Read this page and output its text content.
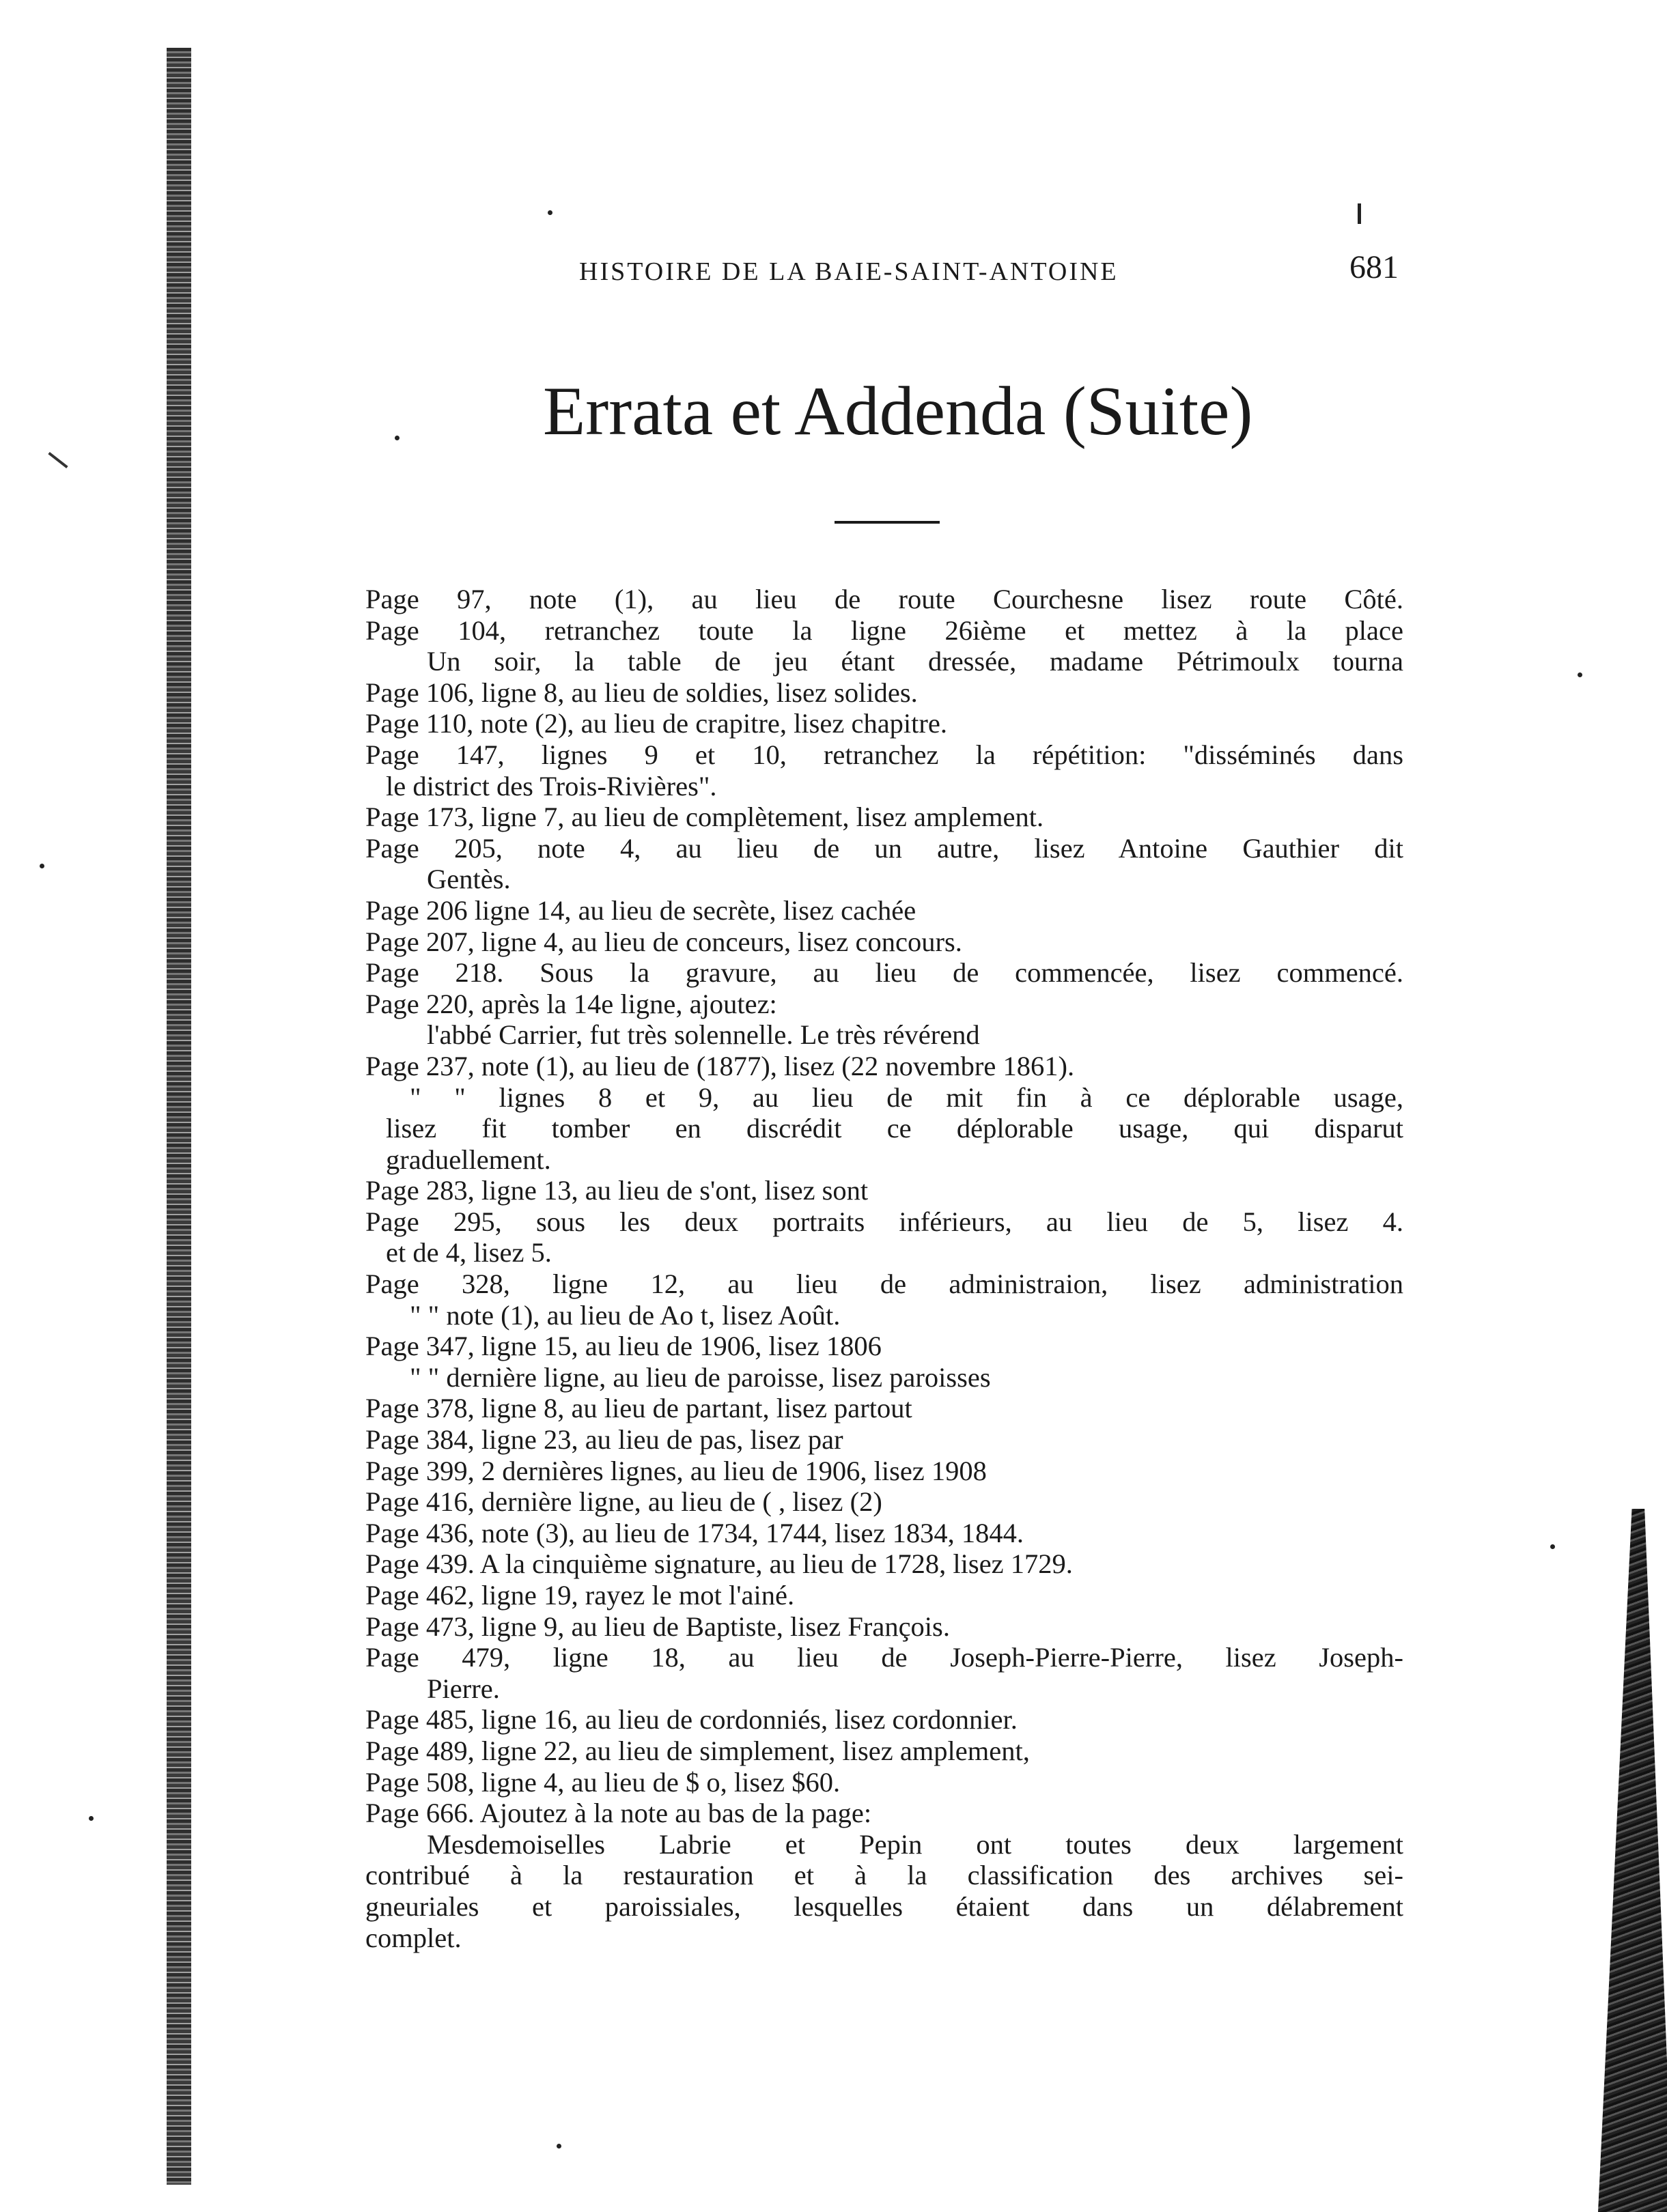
HISTOIRE DE LA BAIE-SAINT-ANTOINE	681
Errata et Addenda (Suite)
Page 97, note (1), au lieu de route Courchesne lisez route Côté.
Page 104, retranchez toute la ligne 26ième et mettez à la place
Un soir, la table de jeu étant dressée, madame Pétrimoulx tourna
Page 106, ligne 8, au lieu de soldies, lisez solides.
Page 110, note (2), au lieu de crapitre, lisez chapitre.
Page 147, lignes 9 et 10, retranchez la répétition: "disséminés dans
le district des Trois-Rivières".
Page 173, ligne 7, au lieu de complètement, lisez amplement.
Page 205, note 4, au lieu de un autre, lisez Antoine Gauthier dit
Gentès.
Page 206 ligne 14, au lieu de secrète, lisez cachée
Page 207, ligne 4, au lieu de conceurs, lisez concours.
Page 218. Sous la gravure, au lieu de commencée, lisez commencé.
Page 220, après la 14e ligne, ajoutez:
l'abbé Carrier, fut très solennelle. Le très révérend
Page 237, note (1), au lieu de (1877), lisez (22 novembre 1861).
" " lignes 8 et 9, au lieu de mit fin à ce déplorable usage,
lisez fit tomber en discrédit ce déplorable usage, qui disparut
graduellement.
Page 283, ligne 13, au lieu de s'ont, lisez sont
Page 295, sous les deux portraits inférieurs, au lieu de 5, lisez 4.
et de 4, lisez 5.
Page 328, ligne 12, au lieu de administraion, lisez administration
" " note (1), au lieu de Ao t, lisez Août.
Page 347, ligne 15, au lieu de 1906, lisez 1806
" " dernière ligne, au lieu de paroisse, lisez paroisses
Page 378, ligne 8, au lieu de partant, lisez partout
Page 384, ligne 23, au lieu de pas, lisez par
Page 399, 2 dernières lignes, au lieu de 1906, lisez 1908
Page 416, dernière ligne, au lieu de ( , lisez (2)
Page 436, note (3), au lieu de 1734, 1744, lisez 1834, 1844.
Page 439. A la cinquième signature, au lieu de 1728, lisez 1729.
Page 462, ligne 19, rayez le mot l'ainé.
Page 473, ligne 9, au lieu de Baptiste, lisez François.
Page 479, ligne 18, au lieu de Joseph-Pierre-Pierre, lisez Joseph-
Pierre.
Page 485, ligne 16, au lieu de cordonniés, lisez cordonnier.
Page 489, ligne 22, au lieu de simplement, lisez amplement,
Page 508, ligne 4, au lieu de $ o, lisez $60.
Page 666. Ajoutez à la note au bas de la page:
Mesdemoiselles Labrie et Pepin ont toutes deux largement
contribué à la restauration et à la classification des archives sei-
gneuriales et paroissiales, lesquelles étaient dans un délabrement
complet.
